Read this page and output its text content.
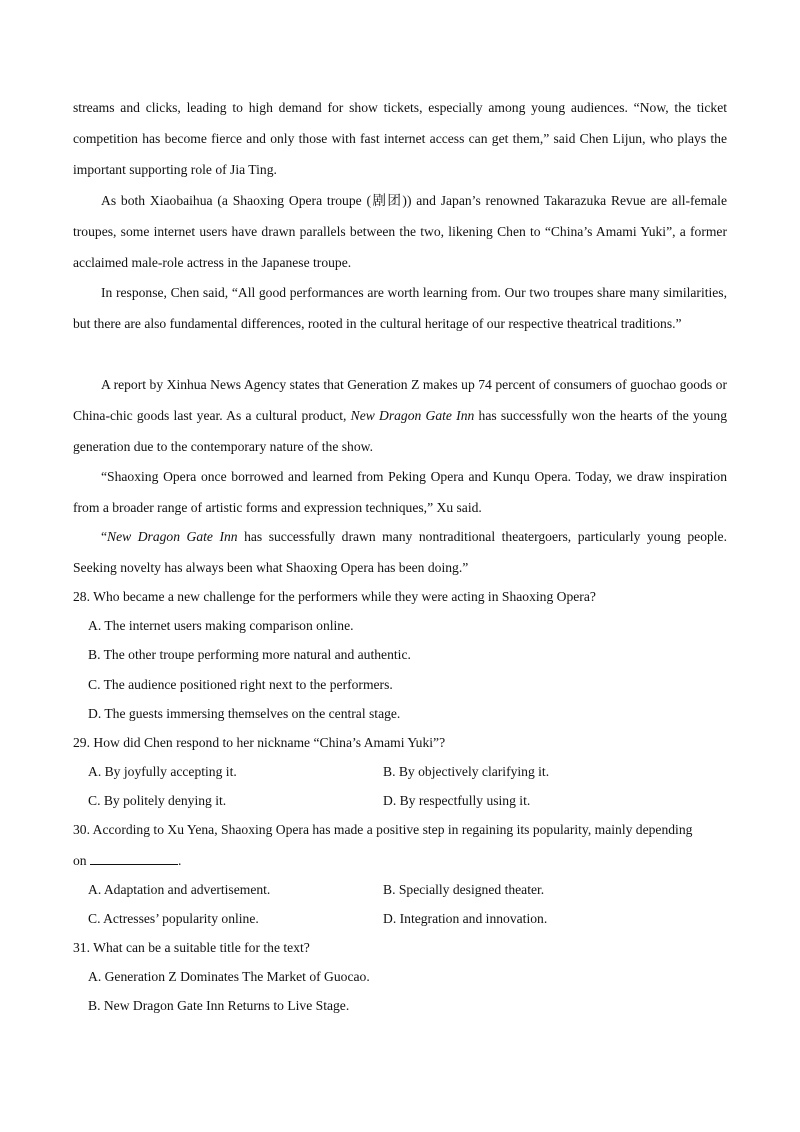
streams and clicks, leading to high demand for show tickets, especially among young audiences. “Now, the ticket competition has become fierce and only those with fast internet access can get them,” said Chen Lijun, who plays the important supporting role of Jia Ting.

As both Xiaobaihua (a Shaoxing Opera troupe (剧团)) and Japan’s renowned Takarazuka Revue are all-female troupes, some internet users have drawn parallels between the two, likening Chen to “China’s Amami Yuki”, a former acclaimed male-role actress in the Japanese troupe.

In response, Chen said, “All good performances are worth learning from. Our two troupes share many similarities, but there are also fundamental differences, rooted in the cultural heritage of our respective theatrical traditions.”

A report by Xinhua News Agency states that Generation Z makes up 74 percent of consumers of guochao goods or China-chic goods last year. As a cultural product, New Dragon Gate Inn has successfully won the hearts of the young generation due to the contemporary nature of the show.

“Shaoxing Opera once borrowed and learned from Peking Opera and Kunqu Opera. Today, we draw inspiration from a broader range of artistic forms and expression techniques,” Xu said.

“New Dragon Gate Inn has successfully drawn many nontraditional theatergoers, particularly young people. Seeking novelty has always been what Shaoxing Opera has been doing.”

28. Who became a new challenge for the performers while they were acting in Shaoxing Opera?

A. The internet users making comparison online.

B. The other troupe performing more natural and authentic.

C. The audience positioned right next to the performers.

D. The guests immersing themselves on the central stage.

29. How did Chen respond to her nickname “China’s Amami Yuki”?

A. By joyfully accepting it.	B. By objectively clarifying it.

C. By politely denying it.	D. By respectfully using it.

30. According to Xu Yena, Shaoxing Opera has made a positive step in regaining its popularity, mainly depending

on	.

A. Adaptation and advertisement.	B. Specially designed theater.

C. Actresses’ popularity online.	D. Integration and innovation.

31. What can be a suitable title for the text?

A. Generation Z Dominates The Market of Guocao.

B. New Dragon Gate Inn Returns to Live Stage.
